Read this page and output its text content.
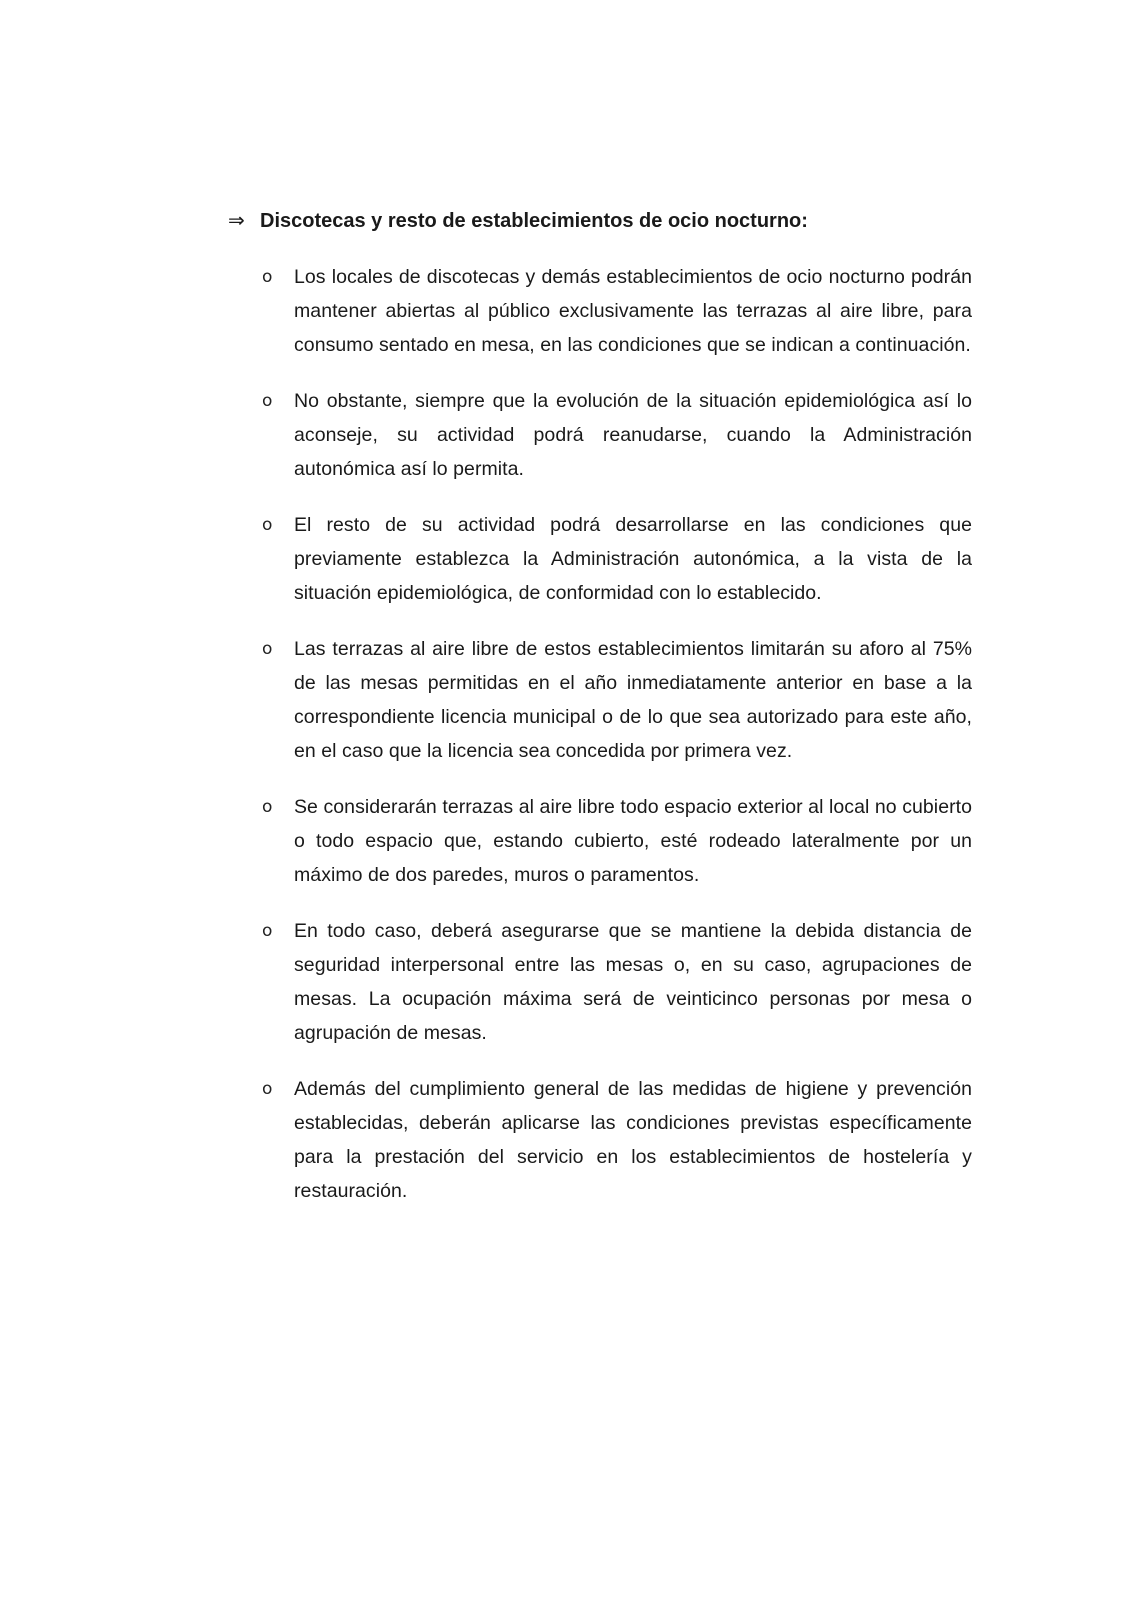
⇒ Discotecas y resto de establecimientos de ocio nocturno:
o	Los locales de discotecas y demás establecimientos de ocio nocturno podrán mantener abiertas al público exclusivamente las terrazas al aire libre, para consumo sentado en mesa, en las condiciones que se indican a continuación.
o	No obstante, siempre que la evolución de la situación epidemiológica así lo aconseje, su actividad podrá reanudarse, cuando la Administración autonómica así lo permita.
o	El resto de su actividad podrá desarrollarse en las condiciones que previamente establezca la Administración autonómica, a la vista de la situación epidemiológica, de conformidad con lo establecido.
o	Las terrazas al aire libre de estos establecimientos limitarán su aforo al 75% de las mesas permitidas en el año inmediatamente anterior en base a la correspondiente licencia municipal o de lo que sea autorizado para este año, en el caso que la licencia sea concedida por primera vez.
o	Se considerarán terrazas al aire libre todo espacio exterior al local no cubierto o todo espacio que, estando cubierto, esté rodeado lateralmente por un máximo de dos paredes, muros o paramentos.
o	En todo caso, deberá asegurarse que se mantiene la debida distancia de seguridad interpersonal entre las mesas o, en su caso, agrupaciones de mesas. La ocupación máxima será de veinticinco personas por mesa o agrupación de mesas.
o	Además del cumplimiento general de las medidas de higiene y prevención establecidas, deberán aplicarse las condiciones previstas específicamente para la prestación del servicio en los establecimientos de hostelería y restauración.
